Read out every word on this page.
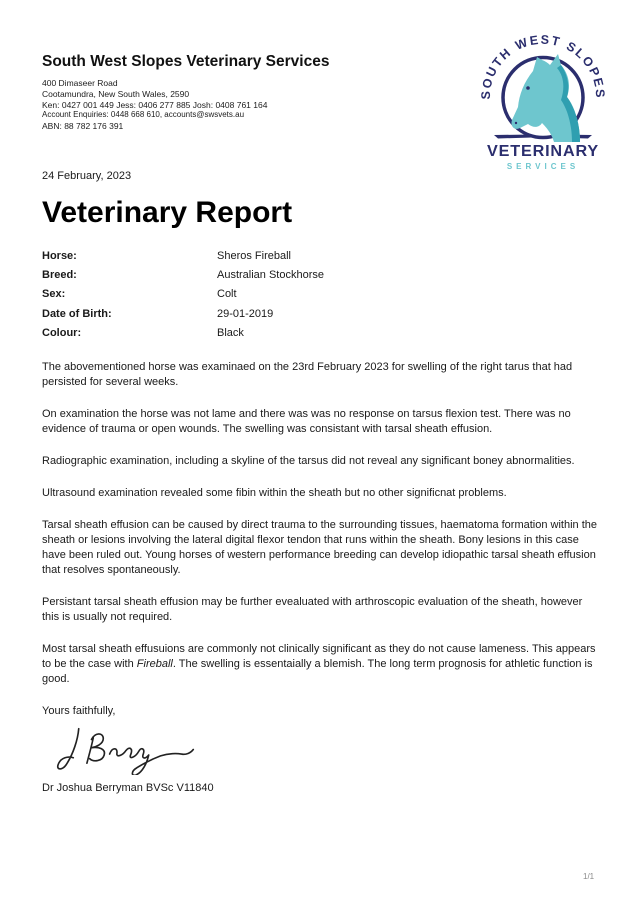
South West Slopes Veterinary Services
400 Dimaseer Road
Cootamundra, New South Wales, 2590
Ken: 0427 001 449 Jess: 0406 277 885 Josh: 0408 761 164
Account Enquiries: 0448 668 610, accounts@swsvets.au
ABN: 88 782 176 391
SOUTH WEST SLOPES
VETERINARY
SERVICES
24 February, 2023
Veterinary Report
Horse:	Sheros Fireball
Breed:	Australian Stockhorse
Sex:	Colt
Date of Birth:	29-01-2019
Colour:	Black

The abovementioned horse was examinaed on the 23rd February 2023 for swelling of the right tarus that had persisted for several weeks.

On examination the horse was not lame and there was was no response on tarsus flexion test. There was no evidence of trauma or open wounds. The swelling was consistant with tarsal sheath effusion.

Radiographic examination, including a skyline of the tarsus did not reveal any significant boney abnormalities.

Ultrasound examination revealed some fibin within the sheath but no other significnat problems.

Tarsal sheath effusion can be caused by direct trauma to the surrounding tissues, haematoma formation within the sheath or lesions involving the lateral digital flexor tendon that runs within the sheath. Bony lesions in this case have been ruled out. Young horses of western performance breeding can develop idiopathic tarsal sheath effusion that resolves spontaneously.

Persistant tarsal sheath effusion may be further evealuated with arthroscopic evaluation of the sheath, however this is usually not required.

Most tarsal sheath effusuions are commonly not clinically significant as they do not cause lameness. This appears to be the case with Fireball. The swelling is essentaially a blemish. The long term prognosis for athletic function is good.

Yours faithfully,

Dr Joshua Berryman BVSc V11840
1/1
